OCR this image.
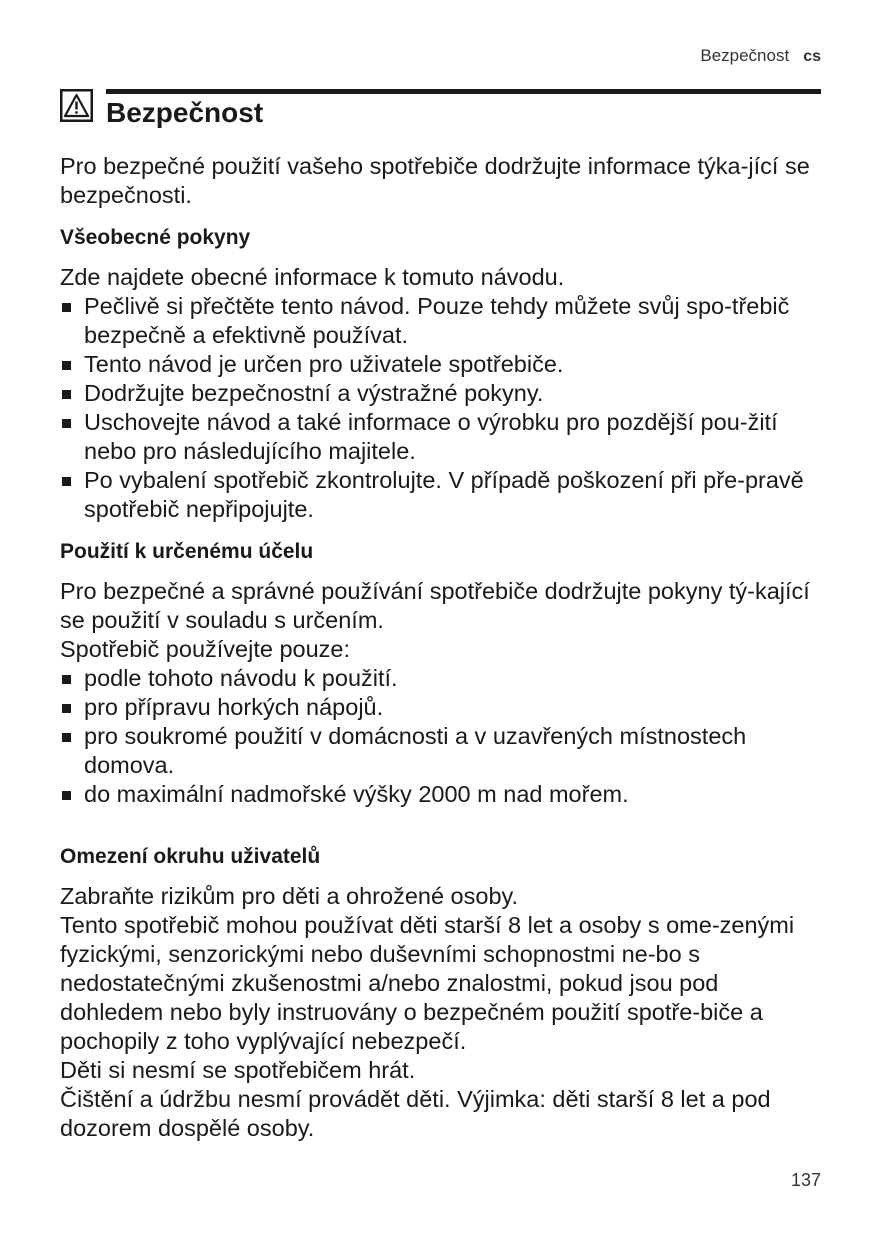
Bezpečnost cs
Bezpečnost

Pro bezpečné použití vašeho spotřebiče dodržujte informace týka-jící se bezpečnosti.

Všeobecné pokyny

Zde najdete obecné informace k tomuto návodu.

Pečlivě si přečtěte tento návod. Pouze tehdy můžete svůj spo-třebič bezpečně a efektivně používat.
Tento návod je určen pro uživatele spotřebiče.
Dodržujte bezpečnostní a výstražné pokyny.
Uschovejte návod a také informace o výrobku pro pozdější pou-žití nebo pro následujícího majitele.
Po vybalení spotřebič zkontrolujte. V případě poškození při pře-pravě spotřebič nepřipojujte.
Použití k určenému účelu

Pro bezpečné a správné používání spotřebiče dodržujte pokyny tý-kající se použití v souladu s určením.

Spotřebič používejte pouze:

podle tohoto návodu k použití.
pro přípravu horkých nápojů.
pro soukromé použití v domácnosti a v uzavřených místnostech domova.
do maximální nadmořské výšky 2000 m nad mořem.
Omezení okruhu uživatelů

Zabraňte rizikům pro děti a ohrožené osoby.

Tento spotřebič mohou používat děti starší 8 let a osoby s ome-zenými fyzickými, senzorickými nebo duševními schopnostmi ne-bo s nedostatečnými zkušenostmi a/nebo znalostmi, pokud jsou pod dohledem nebo byly instruovány o bezpečném použití spotře-biče a pochopily z toho vyplývající nebezpečí.

Děti si nesmí se spotřebičem hrát.

Čištění a údržbu nesmí provádět děti. Výjimka: děti starší 8 let a pod dozorem dospělé osoby.

137
